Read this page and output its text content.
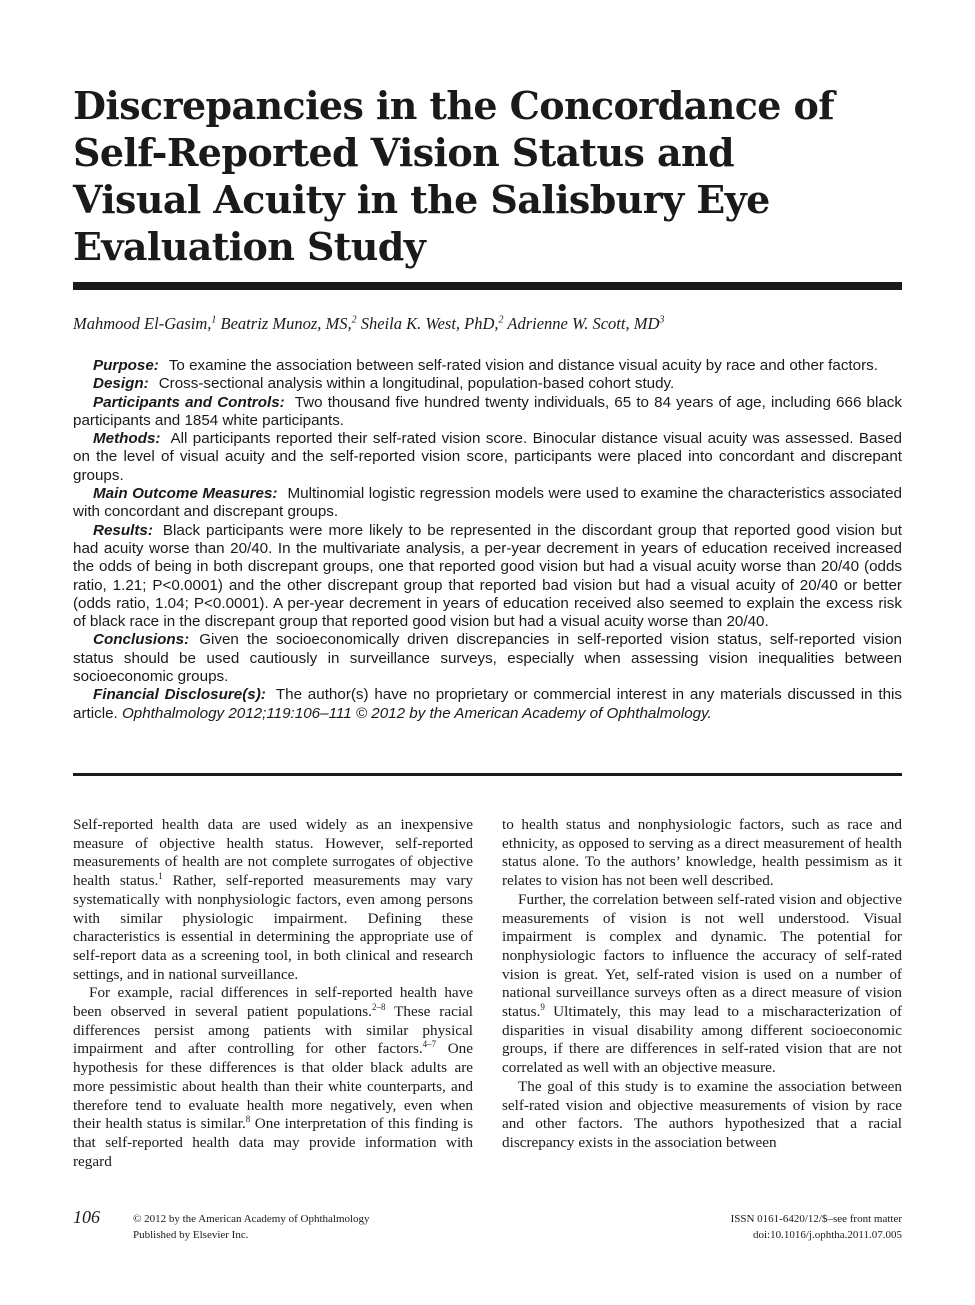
Discrepancies in the Concordance of Self-Reported Vision Status and Visual Acuity in the Salisbury Eye Evaluation Study
Mahmood El-Gasim,$^1$ Beatriz Munoz, MS,$^2$ Sheila K. West, PhD,$^2$ Adrienne W. Scott, $MD^3$

Purpose: To examine the association between self-rated vision and distance visual acuity by race and other factors.

Design: Cross-sectional analysis within a longitudinal, population-based cohort study.

Participants and Controls: Two thousand five hundred twenty individuals, 65 to 84 years of age, including 666 black participants and 1854 white participants.

Methods: All participants reported their self-rated vision score. Binocular distance visual acuity was assessed. Based on the level of visual acuity and the self-reported vision score, participants were placed into concordant and discrepant groups.

Main Outcome Measures: Multinomial logistic regression models were used to examine the characteristics associated with concordant and discrepant groups.

Results: Black participants were more likely to be represented in the discordant group that reported good vision but had acuity worse than 20/40. In the multivariate analysis, a per-year decrement in years of education received increased the odds of being in both discrepant groups, one that reported good vision but had a visual acuity worse than 20/40 (odds ratio, 1.21; P<0.0001) and the other discrepant group that reported bad vision but had a visual acuity of 20/40 or better (odds ratio, 1.04; P<0.0001). A per-year decrement in years of education received also seemed to explain the excess risk of black race in the discrepant group that reported good vision but had a visual acuity worse than 20/40.

Conclusions: Given the socioeconomically driven discrepancies in self-reported vision status, self-reported vision status should be used cautiously in surveillance surveys, especially when assessing vision inequalities between socioeconomic groups.

Financial Disclosure(s): The author(s) have no proprietary or commercial interest in any materials discussed in this article. Ophthalmology 2012;119:106–111 © 2012 by the American Academy of Ophthalmology.

Self-reported health data are used widely as an inexpensive measure of objective health status. However, self-reported measurements of health are not complete surrogates of objective health status.$^1$ Rather, self-reported measurements may vary systematically with nonphysiologic factors, even among persons with similar physiologic impairment. Defining these characteristics is essential in determining the appropriate use of self-report data as a screening tool, in both clinical and research settings, and in national surveillance.

For example, racial differences in self-reported health have been observed in several patient populations.$^{2-8}$ These racial differences persist among patients with similar physical impairment and after controlling for other factors.$^{4-7}$ One hypothesis for these differences is that older black adults are more pessimistic about health than their white counterparts, and therefore tend to evaluate health more negatively, even when their health status is similar.$^8$ One interpretation of this finding is that self-reported health data may provide information with regard

to health status and nonphysiologic factors, such as race and ethnicity, as opposed to serving as a direct measurement of health status alone. To the authors’ knowledge, health pessimism as it relates to vision has not been well described.

Further, the correlation between self-rated vision and objective measurements of vision is not well understood. Visual impairment is complex and dynamic. The potential for nonphysiologic factors to influence the accuracy of self-rated vision is great. Yet, self-rated vision is used on a number of national surveillance surveys often as a direct measure of vision status.$^9$ Ultimately, this may lead to a mischaracterization of disparities in visual disability among different socioeconomic groups, if there are differences in self-rated vision that are not correlated as well with an objective measure.

The goal of this study is to examine the association between self-rated vision and objective measurements of vision by race and other factors. The authors hypothesized that a racial discrepancy exists in the association between

106	© 2012 by the American Academy of Ophthalmology
Published by Elsevier Inc.
ISSN 0161-6420/12/$–see front matter
doi:10.1016/j.ophtha.2011.07.005
